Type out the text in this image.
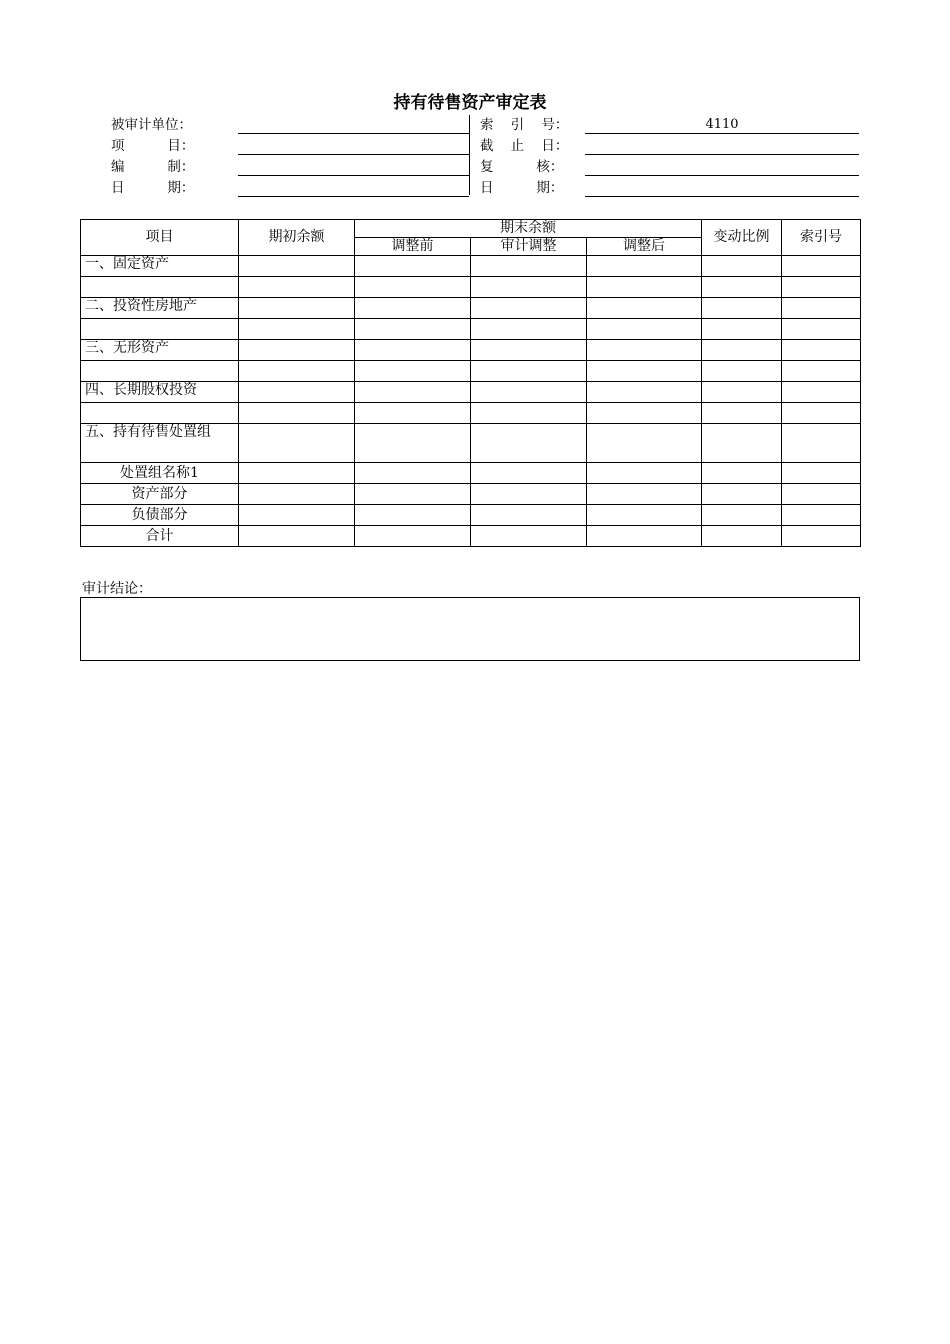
持有待售资产审定表
被审计单位：
项          目：
编          制：
日          期：
索    引    号：	4110
截    止    日：
复          核：
日          期：
项目	期初余额	期末余额			变动比例	索引号
		调整前	审计调整	调整后		
一、固定资产						

二、投资性房地产						

三、无形资产						

四、长期股权投资						

五、持有待售处置组						
处置组名称1						
资产部分						
负债部分						
合计						
审计结论：
